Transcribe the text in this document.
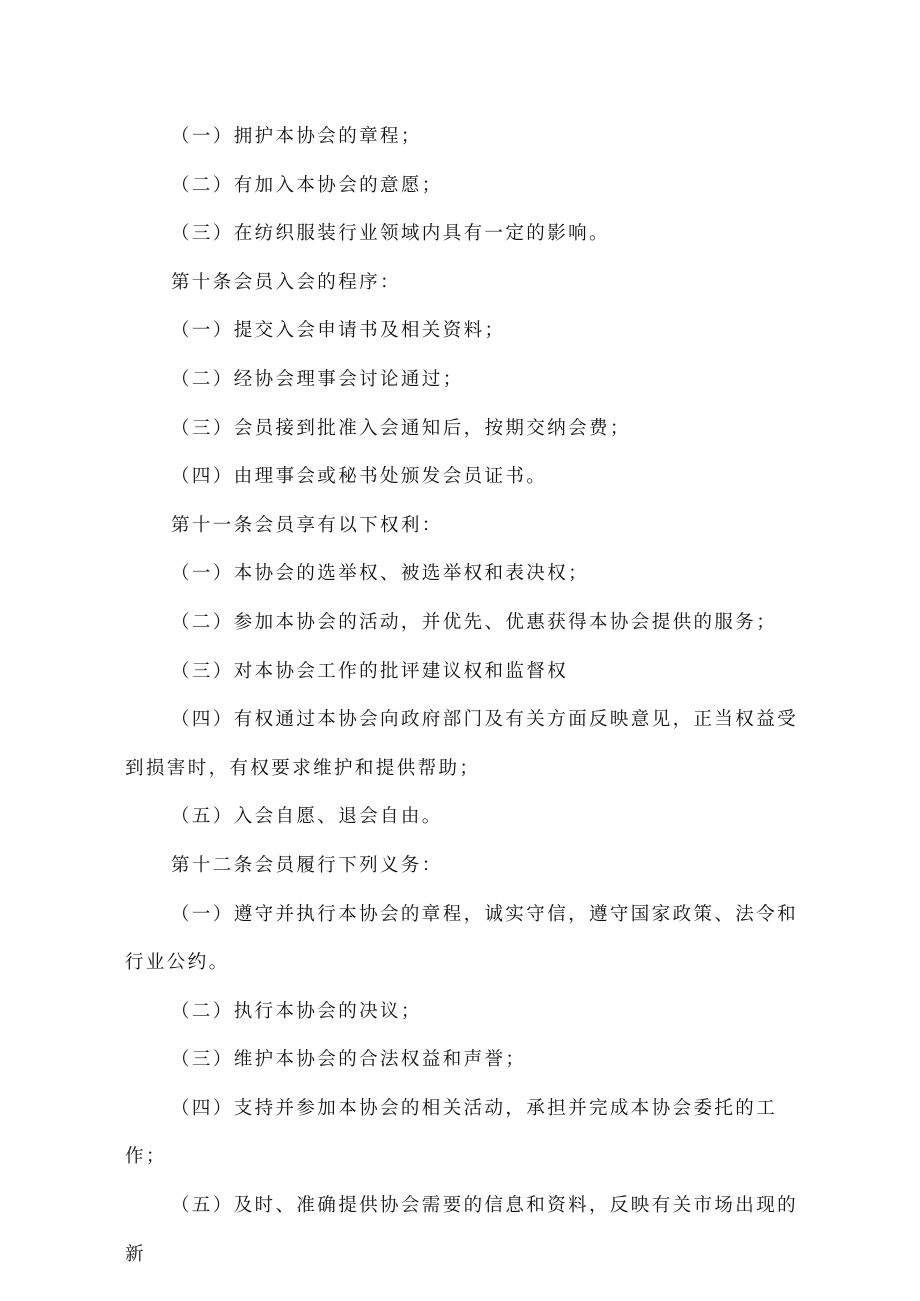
（一）拥护本协会的章程；

（二）有加入本协会的意愿；

（三）在纺织服装行业领域内具有一定的影响。

第十条会员入会的程序：

（一）提交入会申请书及相关资料；

（二）经协会理事会讨论通过；

（三）会员接到批准入会通知后，按期交纳会费；

（四）由理事会或秘书处颁发会员证书。

第十一条会员享有以下权利：

（一）本协会的选举权、被选举权和表决权；

（二）参加本协会的活动，并优先、优惠获得本协会提供的服务；

（三）对本协会工作的批评建议权和监督权

（四）有权通过本协会向政府部门及有关方面反映意见，正当权益受到损害时，有权要求维护和提供帮助；

（五）入会自愿、退会自由。

第十二条会员履行下列义务：

（一）遵守并执行本协会的章程，诚实守信，遵守国家政策、法令和行业公约。

（二）执行本协会的决议；

（三）维护本协会的合法权益和声誉；

（四）支持并参加本协会的相关活动，承担并完成本协会委托的工作；

（五）及时、准确提供协会需要的信息和资料，反映有关市场出现的新
